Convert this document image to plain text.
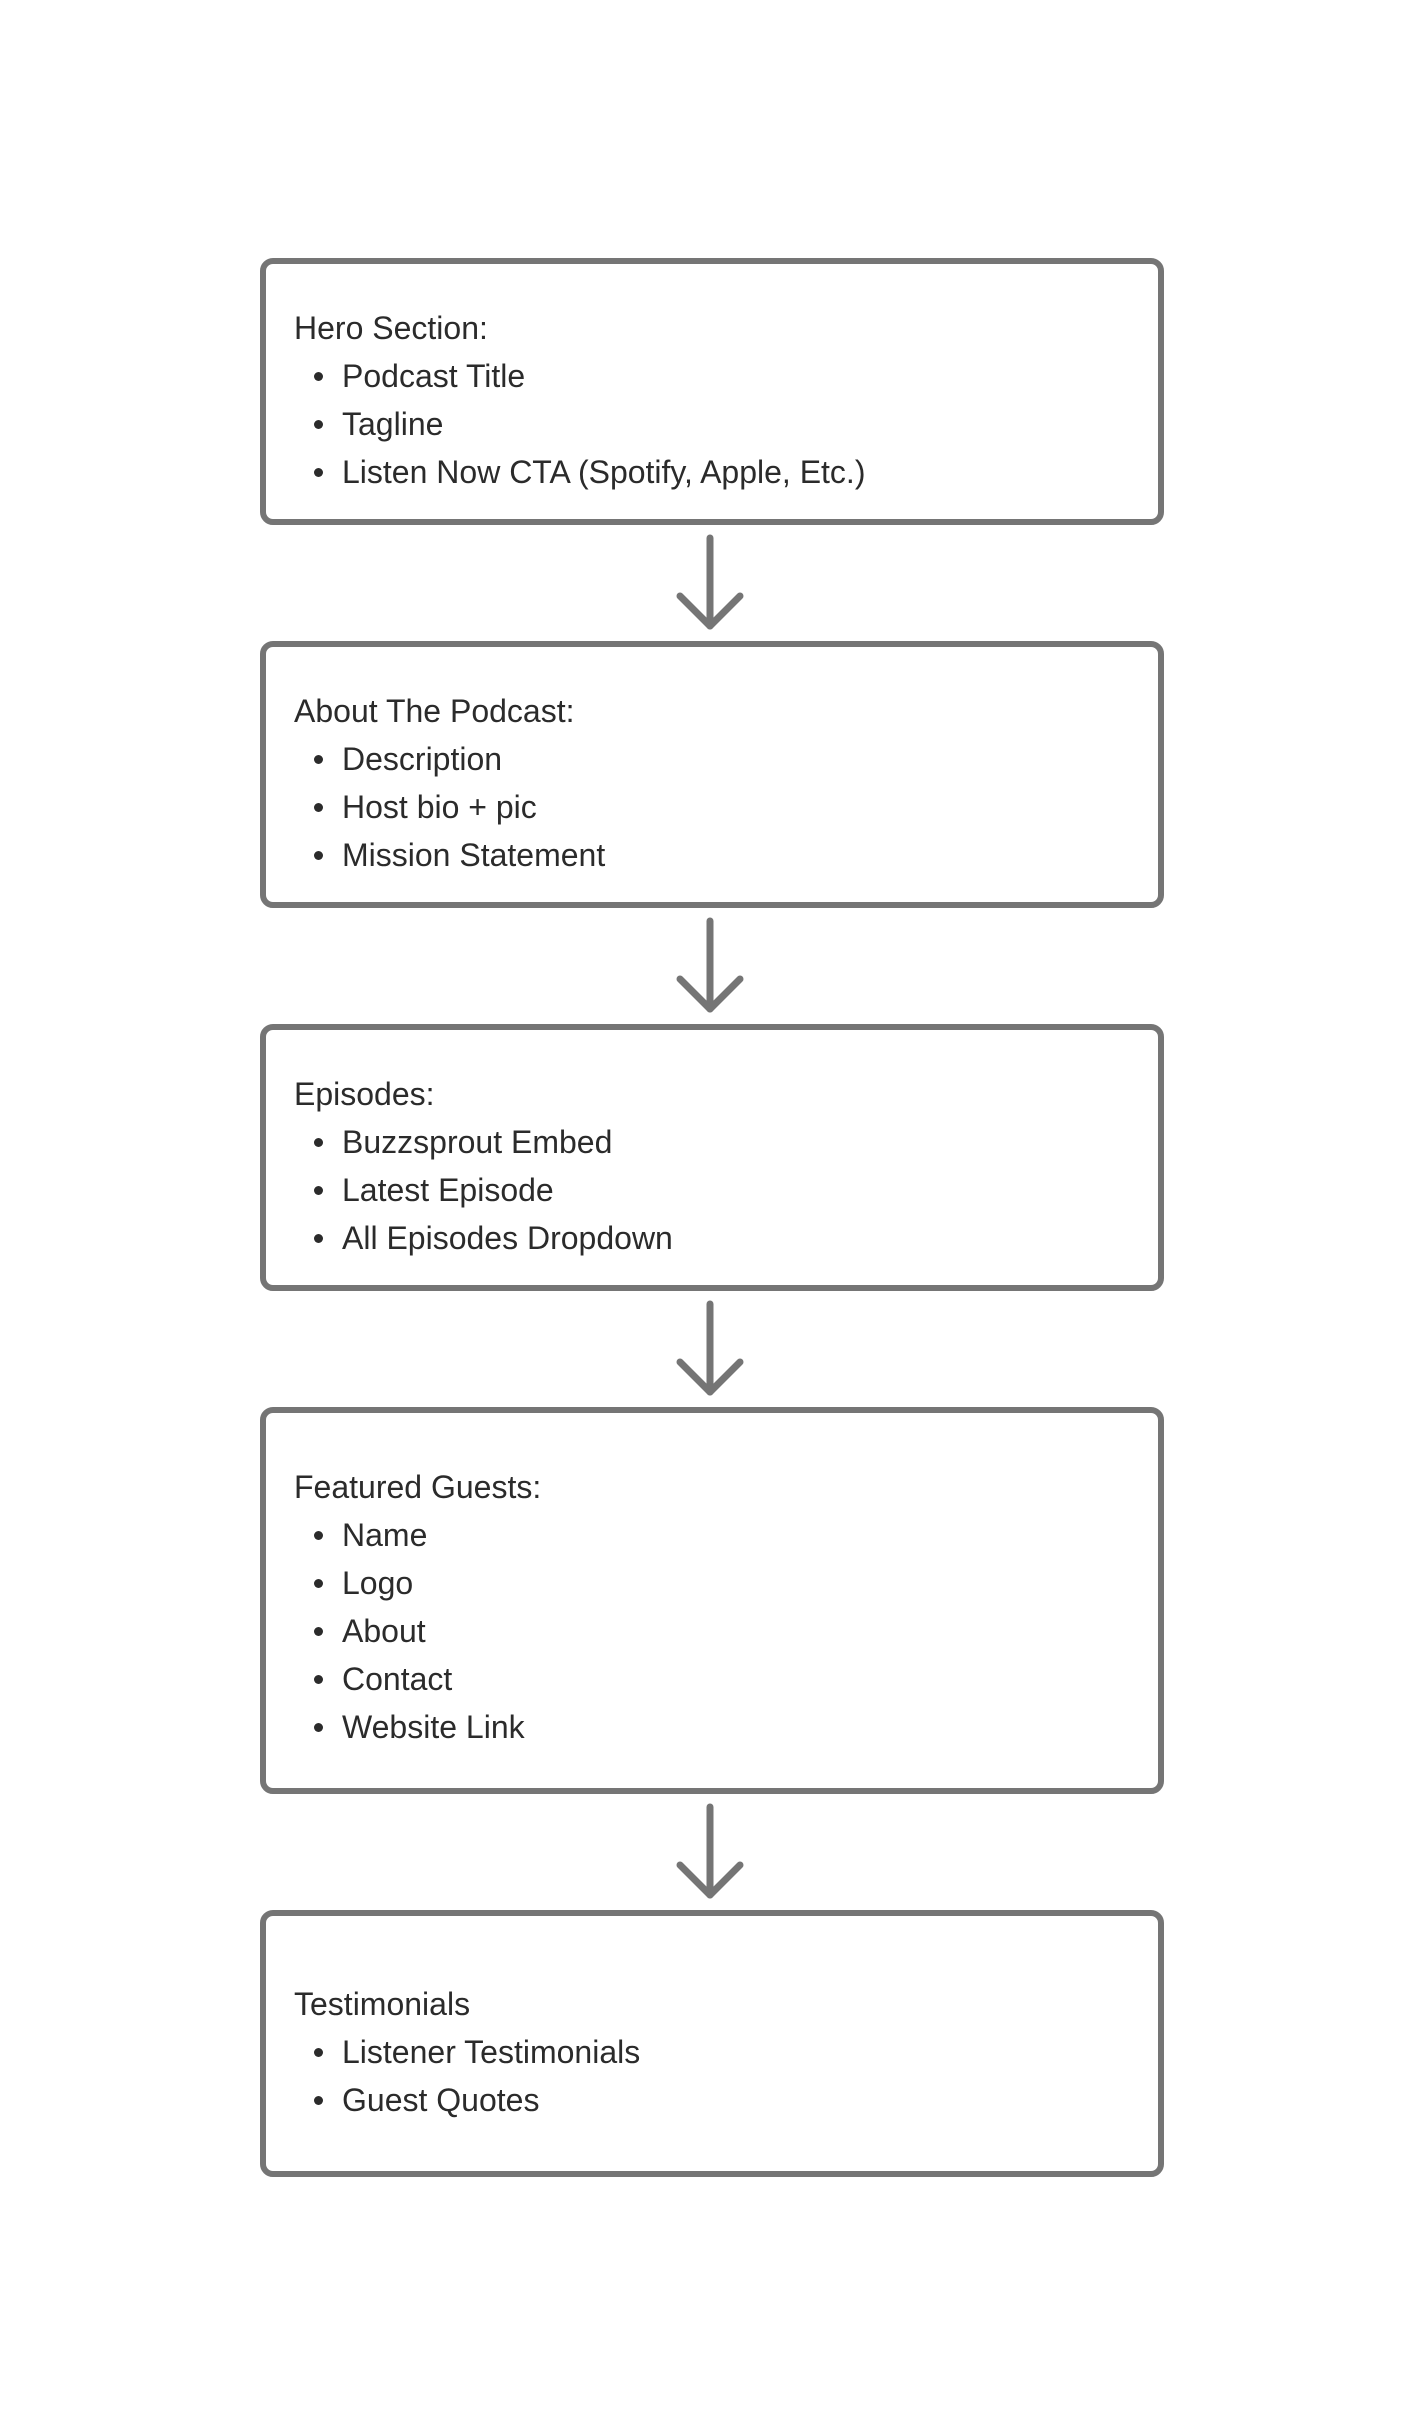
Hero Section:

Podcast Title
Tagline
Listen Now CTA (Spotify, Apple, Etc.)

About The Podcast:

Description
Host bio + pic
Mission Statement

Episodes:

Buzzsprout Embed
Latest Episode
All Episodes Dropdown

Featured Guests:

Name
Logo
About
Contact
Website Link

Testimonials

Listener Testimonials
Guest Quotes
